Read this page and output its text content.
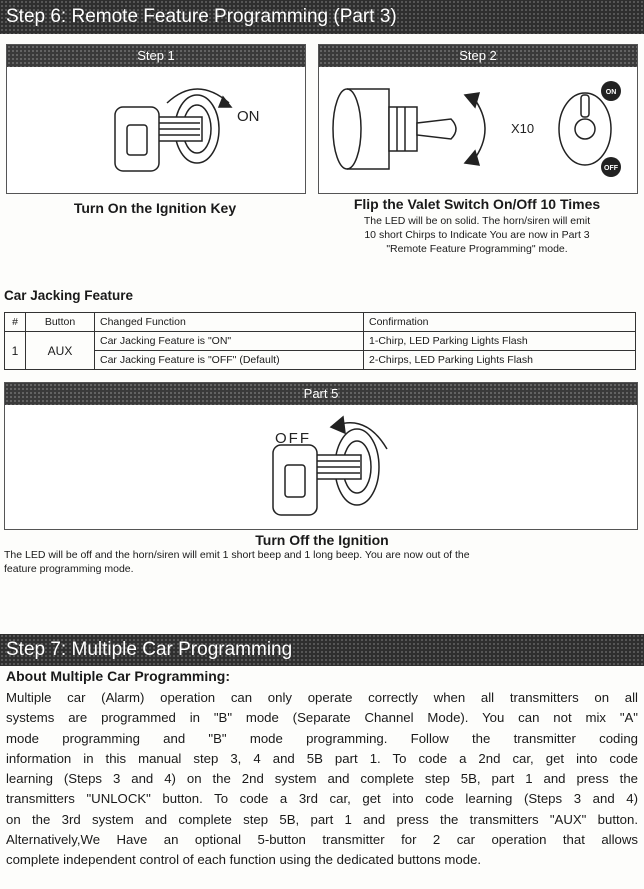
Step 6: Remote Feature Programming (Part 3)
Step 1
ON
Step 2
ON
OFF
X10
Turn On the Ignition Key	Flip the Valet Switch On/Off 10 Times
The LED will be on solid. The horn/siren will emit
10 short Chirps to Indicate You are now in Part 3
"Remote Feature Programming" mode.
Car Jacking Feature
#	Button	Changed Function	Confirmation
1	AUX	Car Jacking Feature is "ON"	1-Chirp, LED Parking Lights Flash
		Car Jacking Feature is "OFF" (Default)	2-Chirps, LED Parking Lights Flash
Part 5
OFF
Turn Off the Ignition
The LED will be off and the horn/siren will emit 1 short beep and 1 long beep. You are now out of the
feature programming mode.
Step 7: Multiple Car Programming
About Multiple Car Programming:
Multiple car (Alarm) operation can only operate correctly when all transmitters on all
systems are programmed in "B" mode (Separate Channel Mode). You can not mix "A"
mode programming and "B" mode programming. Follow the transmitter coding
information in this manual step 3, 4 and 5B part 1. To code a 2nd car, get into code
learning (Steps 3 and 4) on the 2nd system and complete step 5B, part 1 and press the
transmitters "UNLOCK" button. To code a 3rd car, get into code learning (Steps 3 and 4)
on the 3rd system and complete step 5B, part 1 and press the transmitters "AUX" button.
Alternatively,We Have an optional 5-button transmitter for 2 car operation that allows
complete independent control of each function using the dedicated buttons mode.
